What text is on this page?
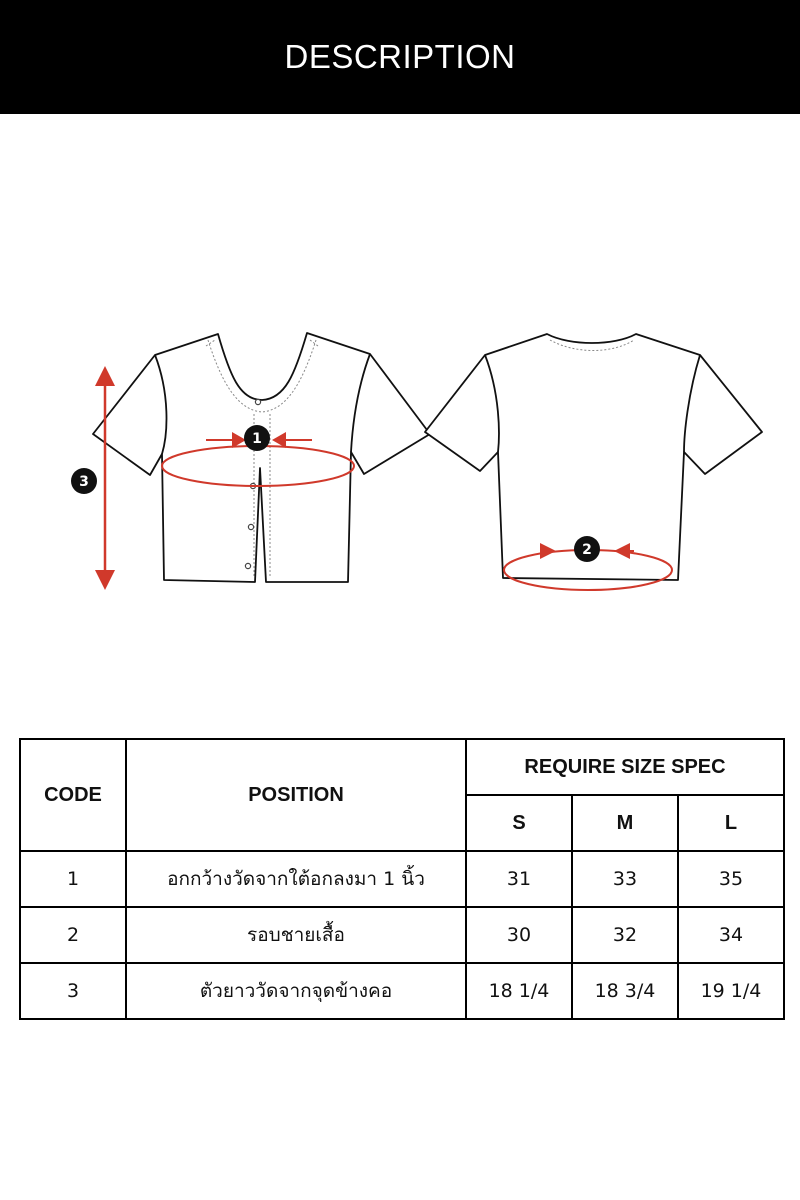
DESCRIPTION
1
3
2
CODE	POSITION	REQUIRE SIZE SPEC		
		S	M	L
1	อกกว้างวัดจากใต้อกลงมา 1 นิ้ว	31	33	35
2	รอบชายเสื้อ	30	32	34
3	ตัวยาววัดจากจุดข้างคอ	18 1/4	18 3/4	19 1/4
